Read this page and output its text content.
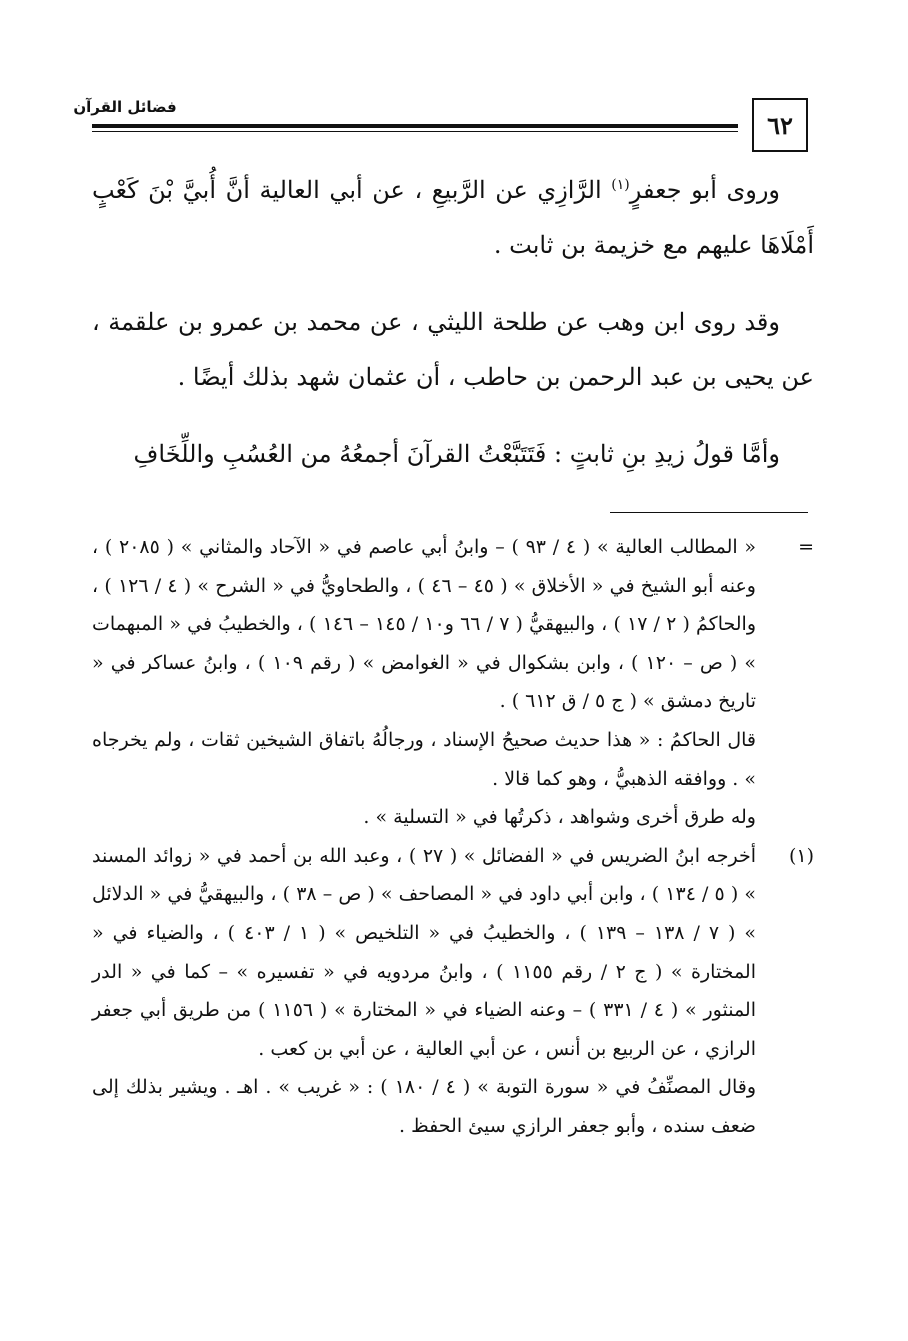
٦٢
فضائل القرآن

وروى أبو جعفرٍ$^{(١)}$ الرَّازِي عن الرَّبيعِ ، عن أبي العالية أنَّ أُبيَّ بْنَ كَعْبٍ أَمْلَاهَا عليهم مع خزيمة بن ثابت .

وقد روى ابن وهب عن طلحة الليثي ، عن محمد بن عمرو بن علقمة ، عن يحيى بن عبد الرحمن بن حاطب ، أن عثمان شهد بذلك أيضًا .

وأمَّا قولُ زيدِ بنِ ثابتٍ : فَتَتَبَّعْتُ القرآنَ أجمعُهُ من العُسُبِ واللِّخَافِ

=

« المطالب العالية » ( ٤ / ٩٣ ) – وابنُ أبي عاصم في « الآحاد والمثاني » ( ٢٠٨٥ ) ، وعنه أبو الشيخ في « الأخلاق » ( ٤٥ – ٤٦ ) ، والطحاويُّ في « الشرح » ( ٤ / ١٢٦ ) ، والحاكمُ ( ٢ / ١٧ ) ، والبيهقيُّ ( ٧ / ٦٦ و١٠ / ١٤٥ – ١٤٦ ) ، والخطيبُ في « المبهمات » ( ص – ١٢٠ ) ، وابن بشكوال في « الغوامض » ( رقم ١٠٩ ) ، وابنُ عساكر في « تاريخ دمشق » ( ج ٥ / ق ٦١٢ ) .

قال الحاكمُ : « هذا حديث صحيحُ الإسناد ، ورجالُهُ باتفاق الشيخين ثقات ، ولم يخرجاه » . ووافقه الذهبيُّ ، وهو كما قالا .

وله طرق أخرى وشواهد ، ذكرتُها في « التسلية » .

(١)

أخرجه ابنُ الضريس في « الفضائل » ( ٢٧ ) ، وعبد الله بن أحمد في « زوائد المسند » ( ٥ / ١٣٤ ) ، وابن أبي داود في « المصاحف » ( ص – ٣٨ ) ، والبيهقيُّ في « الدلائل » ( ٧ / ١٣٨ – ١٣٩ ) ، والخطيبُ في « التلخيص » ( ١ / ٤٠٣ ) ، والضياء في « المختارة » ( ج ٢ / رقم ١١٥٥ ) ، وابنُ مردويه في « تفسيره » – كما في « الدر المنثور » ( ٤ / ٣٣١ ) – وعنه الضياء في « المختارة » ( ١١٥٦ ) من طريق أبي جعفر الرازي ، عن الربيع بن أنس ، عن أبي العالية ، عن أبي بن كعب .

وقال المصنِّفُ في « سورة التوبة » ( ٤ / ١٨٠ ) : « غريب » . اهـ . ويشير بذلك إلى ضعف سنده ، وأبو جعفر الرازي سيئ الحفظ .
